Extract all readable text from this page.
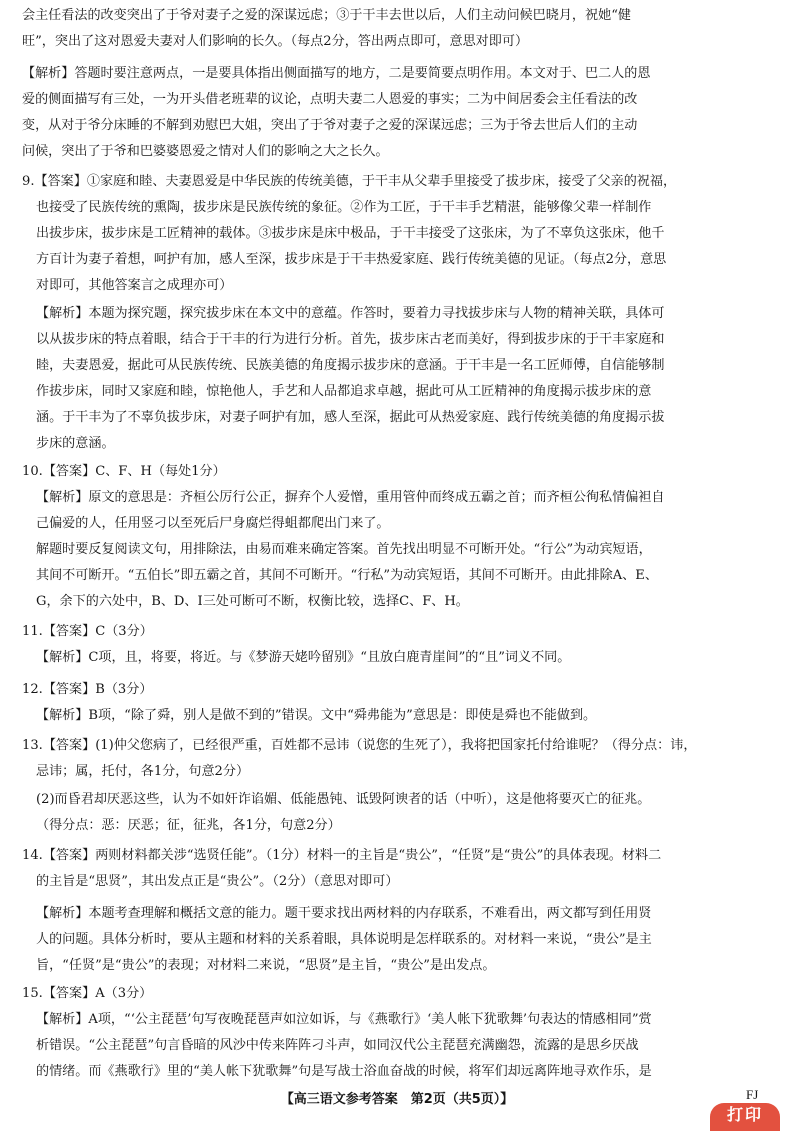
会主任看法的改变突出了于爷对妻子之爱的深谋远虑；③于干丰去世以后，人们主动问候巴晓月，祝她“健
旺”，突出了这对恩爱夫妻对人们影响的长久。（每点2分，答出两点即可，意思对即可）
【解析】答题时要注意两点，一是要具体指出侧面描写的地方，二是要简要点明作用。本文对于、巴二人的恩
爱的侧面描写有三处，一为开头借老班辈的议论，点明夫妻二人恩爱的事实；二为中间居委会主任看法的改
变，从对于爷分床睡的不解到劝慰巴大姐，突出了于爷对妻子之爱的深谋远虑；三为于爷去世后人们的主动
问候，突出了于爷和巴婆婆恩爱之情对人们的影响之大之长久。
9.【答案】①家庭和睦、夫妻恩爱是中华民族的传统美德，于干丰从父辈手里接受了拔步床，接受了父亲的祝福，
也接受了民族传统的熏陶，拔步床是民族传统的象征。②作为工匠，于干丰手艺精湛，能够像父辈一样制作
出拔步床，拔步床是工匠精神的载体。③拔步床是床中极品，于干丰接受了这张床，为了不辜负这张床，他千
方百计为妻子着想，呵护有加，感人至深，拔步床是于干丰热爱家庭、践行传统美德的见证。（每点2分，意思
对即可，其他答案言之成理亦可）
【解析】本题为探究题，探究拔步床在本文中的意蕴。作答时，要着力寻找拔步床与人物的精神关联，具体可
以从拔步床的特点着眼，结合于干丰的行为进行分析。首先，拔步床古老而美好，得到拔步床的于干丰家庭和
睦，夫妻恩爱，据此可从民族传统、民族美德的角度揭示拔步床的意涵。于干丰是一名工匠师傅，自信能够制
作拔步床，同时又家庭和睦，惊艳他人，手艺和人品都追求卓越，据此可从工匠精神的角度揭示拔步床的意
涵。于干丰为了不辜负拔步床，对妻子呵护有加，感人至深，据此可从热爱家庭、践行传统美德的角度揭示拔
步床的意涵。
10.【答案】C、F、H（每处1分）
【解析】原文的意思是：齐桓公厉行公正，摒弃个人爱憎，重用管仲而终成五霸之首；而齐桓公徇私情偏袒自
己偏爱的人，任用竖刁以至死后尸身腐烂得蛆都爬出门来了。
解题时要反复阅读文句，用排除法，由易而难来确定答案。首先找出明显不可断开处。“行公”为动宾短语，
其间不可断开。“五伯长”即五霸之首，其间不可断开。“行私”为动宾短语，其间不可断开。由此排除A、E、
G，余下的六处中，B、D、I三处可断可不断，权衡比较，选择C、F、H。
11.【答案】C（3分）
【解析】C项，且，将要，将近。与《梦游天姥吟留别》“且放白鹿青崖间”的“且”词义不同。
12.【答案】B（3分）
【解析】B项，“除了舜，别人是做不到的”错误。文中“舜弗能为”意思是：即使是舜也不能做到。
13.【答案】(1)仲父您病了，已经很严重，百姓都不忌讳（说您的生死了），我将把国家托付给谁呢？（得分点：讳，
忌讳；属，托付，各1分，句意2分）
(2)而昏君却厌恶这些，认为不如奸诈谄媚、低能愚钝、诋毁阿谀者的话（中听），这是他将要灭亡的征兆。
（得分点：恶：厌恶；征，征兆，各1分，句意2分）
14.【答案】两则材料都关涉“选贤任能”。（1分）材料一的主旨是“贵公”，“任贤”是“贵公”的具体表现。材料二
的主旨是“思贤”，其出发点正是“贵公”。（2分）（意思对即可）
【解析】本题考查理解和概括文意的能力。题干要求找出两材料的内存联系，不难看出，两文都写到任用贤
人的问题。具体分析时，要从主题和材料的关系着眼，具体说明是怎样联系的。对材料一来说，“贵公”是主
旨，“任贤”是“贵公”的表现；对材料二来说，“思贤”是主旨，“贵公”是出发点。
15.【答案】A（3分）
【解析】A项，“‘公主琵琶’句写夜晚琵琶声如泣如诉，与《燕歌行》‘美人帐下犹歌舞’句表达的情感相同”赏
析错误。“公主琵琶”句言昏暗的风沙中传来阵阵刁斗声，如同汉代公主琵琶充满幽怨，流露的是思乡厌战
的情绪。而《燕歌行》里的“美人帐下犹歌舞”句是写战士浴血奋战的时候，将军们却远离阵地寻欢作乐，是
【高三语文参考答案　第2页（共5页）】	FJ
打印
